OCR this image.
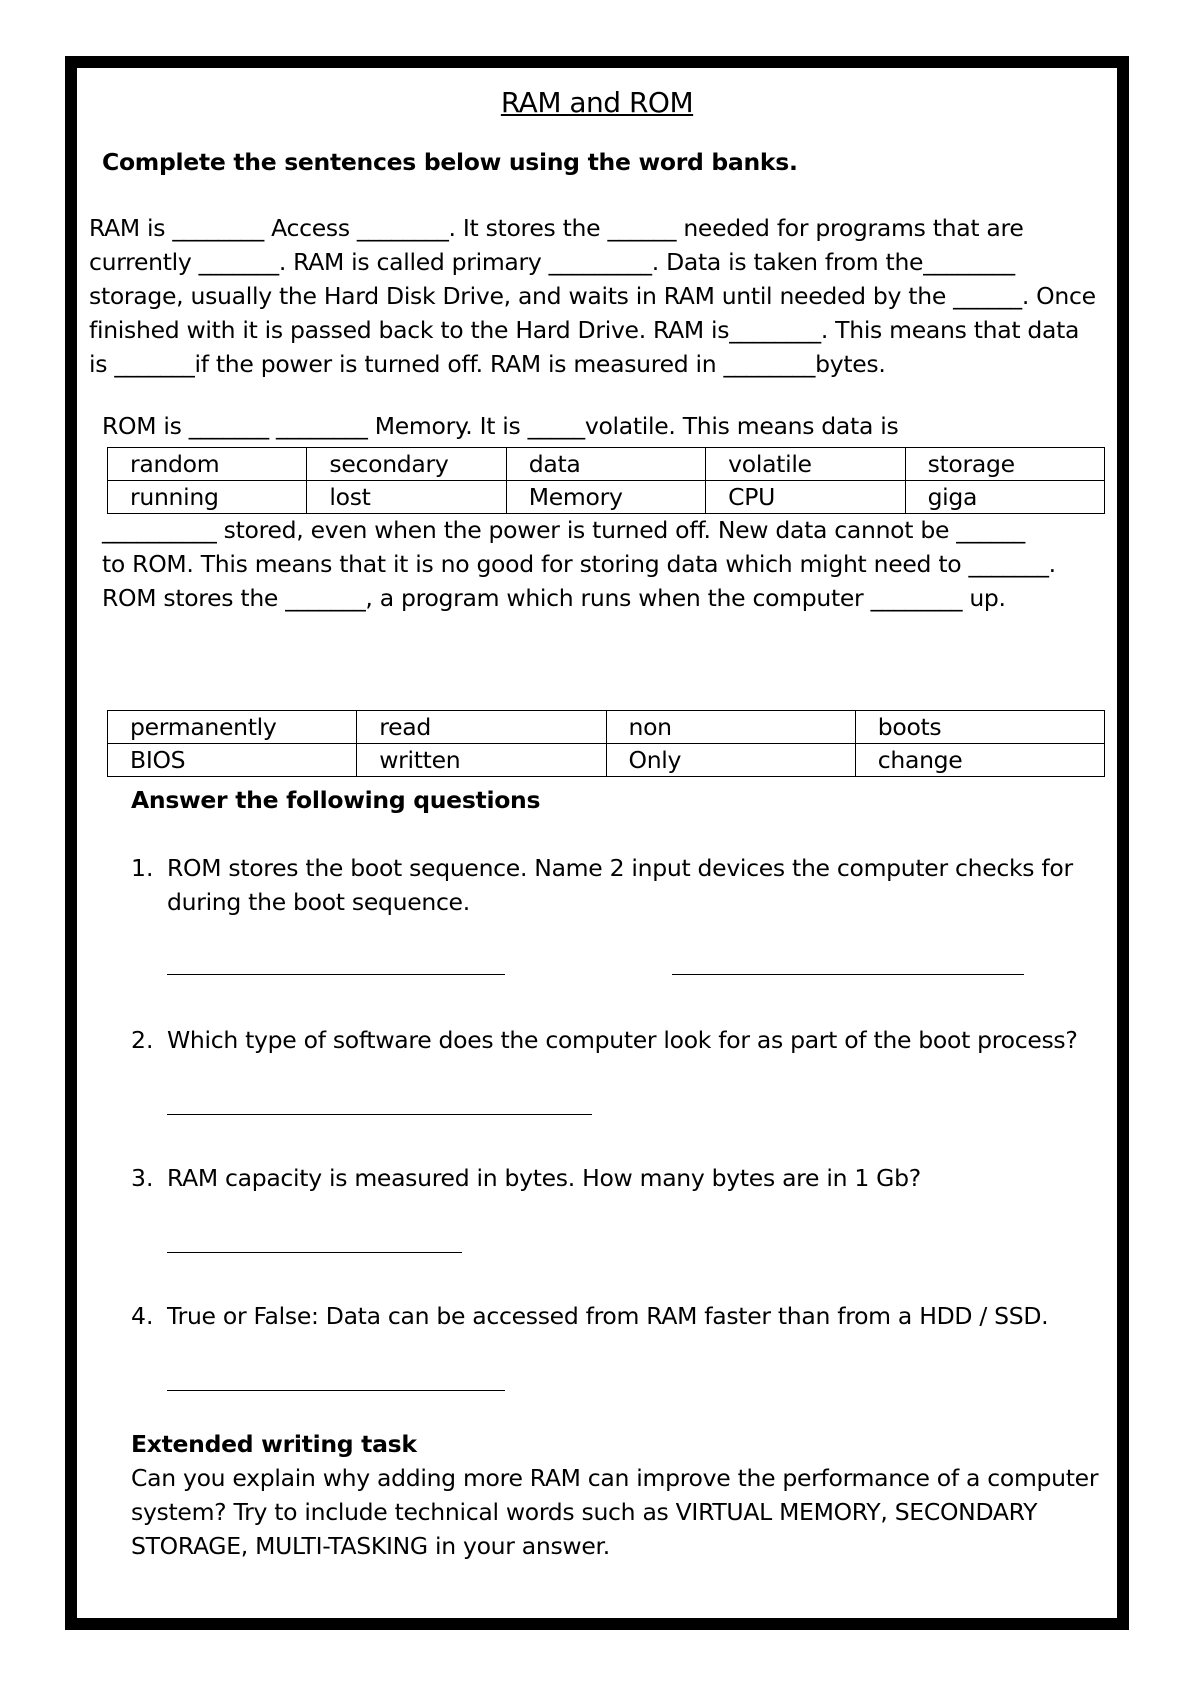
RAM and ROM
Complete the sentences below using the word banks.
RAM is ________ Access ________. It stores the ______ needed for programs that are
currently _______. RAM is called primary _________. Data is taken from the________
storage, usually the Hard Disk Drive, and waits in RAM until needed by the ______. Once
finished with it is passed back to the Hard Drive. RAM is________. This means that data
is _______if the power is turned off. RAM is measured in ________bytes.
ROM is _______ ________ Memory. It is _____volatile. This means data is
random	secondary	data	volatile	storage
running	lost	Memory	CPU	giga
__________ stored, even when the power is turned off. New data cannot be ______
to ROM. This means that it is no good for storing data which might need to _______.
ROM stores the _______, a program which runs when the computer ________ up.
permanently	read	non	boots
BIOS	written	Only	change
Answer the following questions
1. ROM stores the boot sequence. Name 2 input devices the computer checks for
during the boot sequence.
2. Which type of software does the computer look for as part of the boot process?
3. RAM capacity is measured in bytes. How many bytes are in 1 Gb?
4. True or False: Data can be accessed from RAM faster than from a HDD / SSD.
Extended writing task
Can you explain why adding more RAM can improve the performance of a computer
system? Try to include technical words such as VIRTUAL MEMORY, SECONDARY
STORAGE, MULTI-TASKING in your answer.
